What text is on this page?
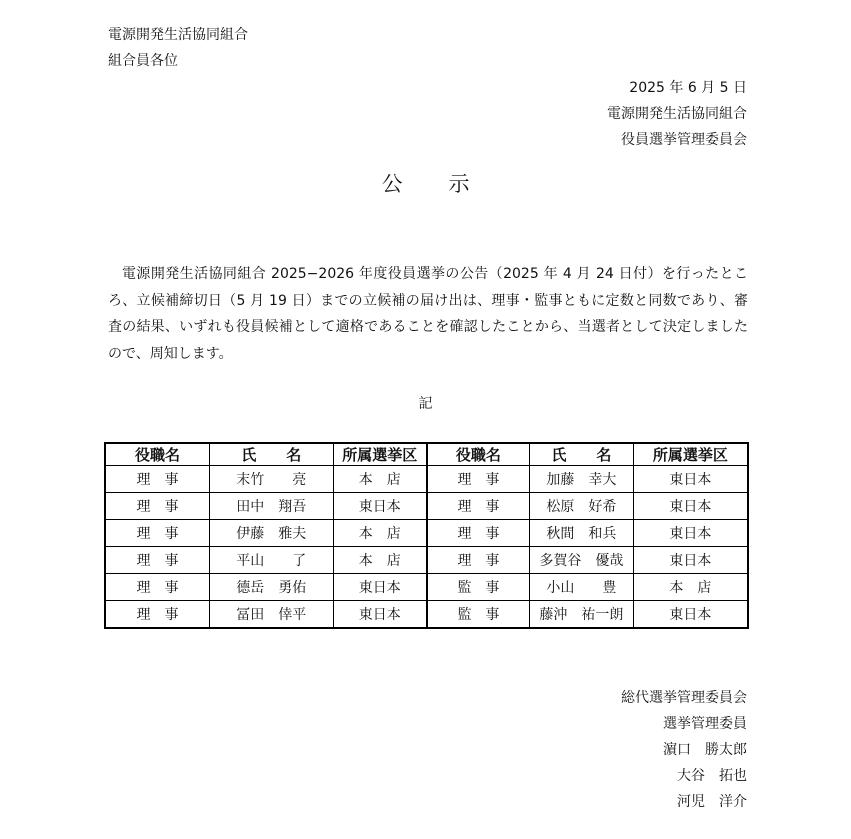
電源開発生活協同組合
組合員各位
2025 年 6 月 5 日
電源開発生活協同組合
役員選挙管理委員会
公 示

電源開発生活協同組合 2025−2026 年度役員選挙の公告（2025 年 4 月 24 日付）を行ったところ、立候補締切日（5 月 19 日）までの立候補の届け出は、理事・監事ともに定数と同数であり、審査の結果、いずれも役員候補として適格であることを確認したことから、当選者として決定しましたので、周知します。

記
役職名	氏　　名	所属選挙区	役職名	氏　　名	所属選挙区
理　事	末竹　　亮	本　店	理　事	加藤　幸大	東日本
理　事	田中　翔吾	東日本	理　事	松原　好希	東日本
理　事	伊藤　雅夫	本　店	理　事	秋間　和兵	東日本
理　事	平山　　了	本　店	理　事	多賀谷　優哉	東日本
理　事	德岳　勇佑	東日本	監　事	小山　　豊	本　店
理　事	冨田　倖平	東日本	監　事	藤沖　祐一朗	東日本
総代選挙管理委員会
選挙管理委員
濵口　勝太郎
大谷　拓也
河児　洋介
